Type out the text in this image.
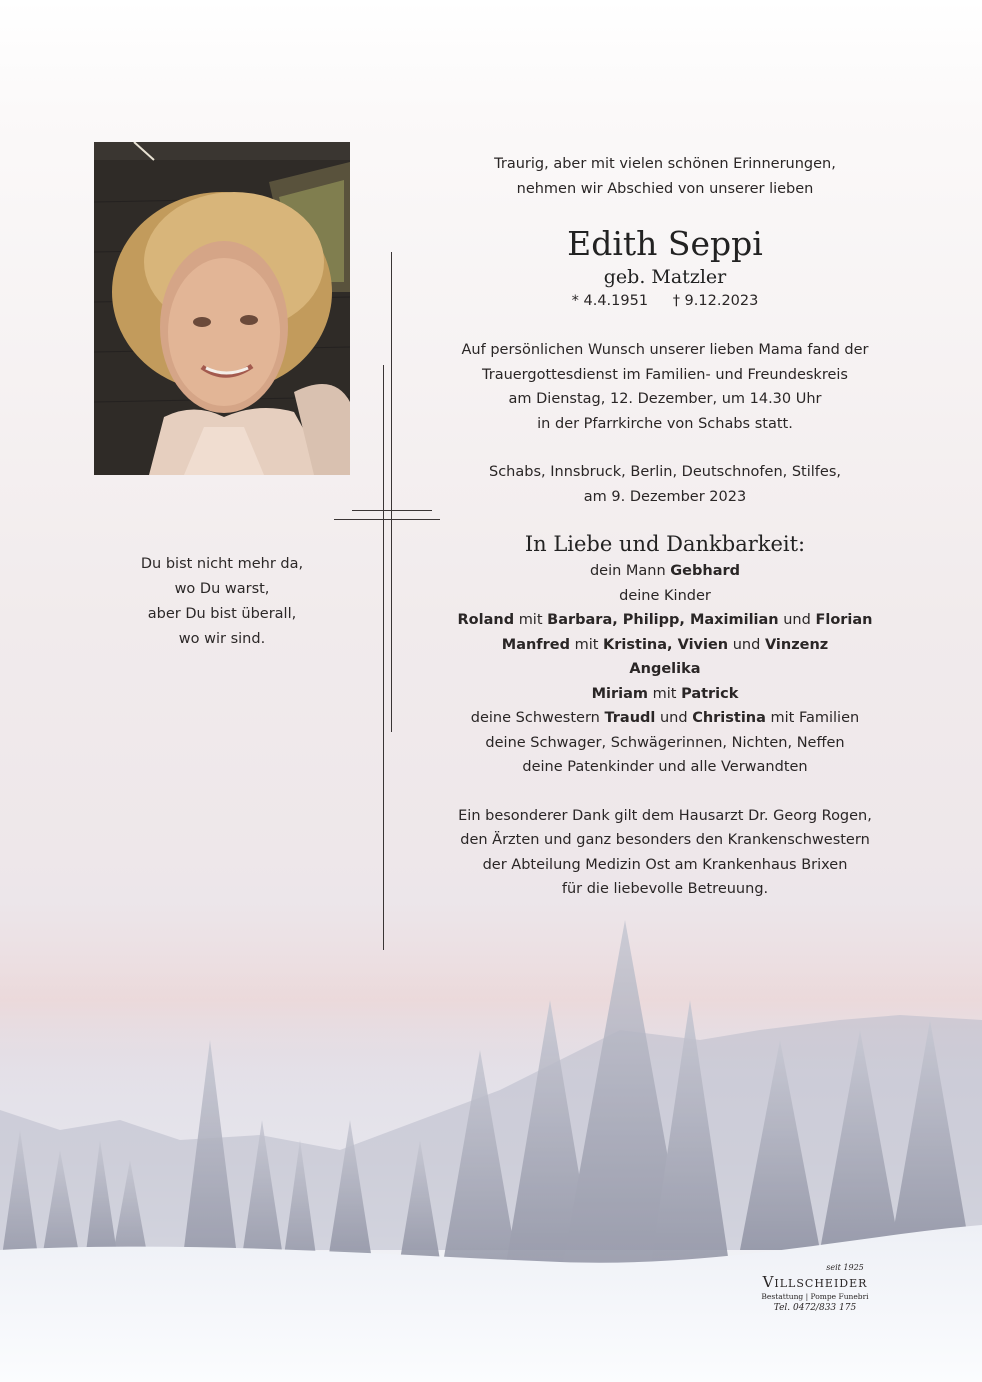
Du bist nicht mehr da,
wo Du warst,
aber Du bist überall,
wo wir sind.

Traurig, aber mit vielen schönen Erinnerungen,

nehmen wir Abschied von unserer lieben

Edith Seppi

geb. Matzler

* 4.4.1951 † 9.12.2023

Auf persönlichen Wunsch unserer lieben Mama fand der

Trauergottesdienst im Familien- und Freundeskreis

am Dienstag, 12. Dezember, um 14.30 Uhr

in der Pfarrkirche von Schabs statt.

Schabs, Innsbruck, Berlin, Deutschnofen, Stilfes,

am 9. Dezember 2023

In Liebe und Dankbarkeit:

dein Mann Gebhard

deine Kinder

Roland mit Barbara, Philipp, Maximilian und Florian

Manfred mit Kristina, Vivien und Vinzenz

Angelika

Miriam mit Patrick

deine Schwestern Traudl und Christina mit Familien

deine Schwager, Schwägerinnen, Nichten, Neffen

deine Patenkinder und alle Verwandten

Ein besonderer Dank gilt dem Hausarzt Dr. Georg Rogen,

den Ärzten und ganz besonders den Krankenschwestern

der Abteilung Medizin Ost am Krankenhaus Brixen

für die liebevolle Betreuung.

seit 1925
Villscheider
Bestattung | Pompe Funebri
Tel. 0472/833 175
